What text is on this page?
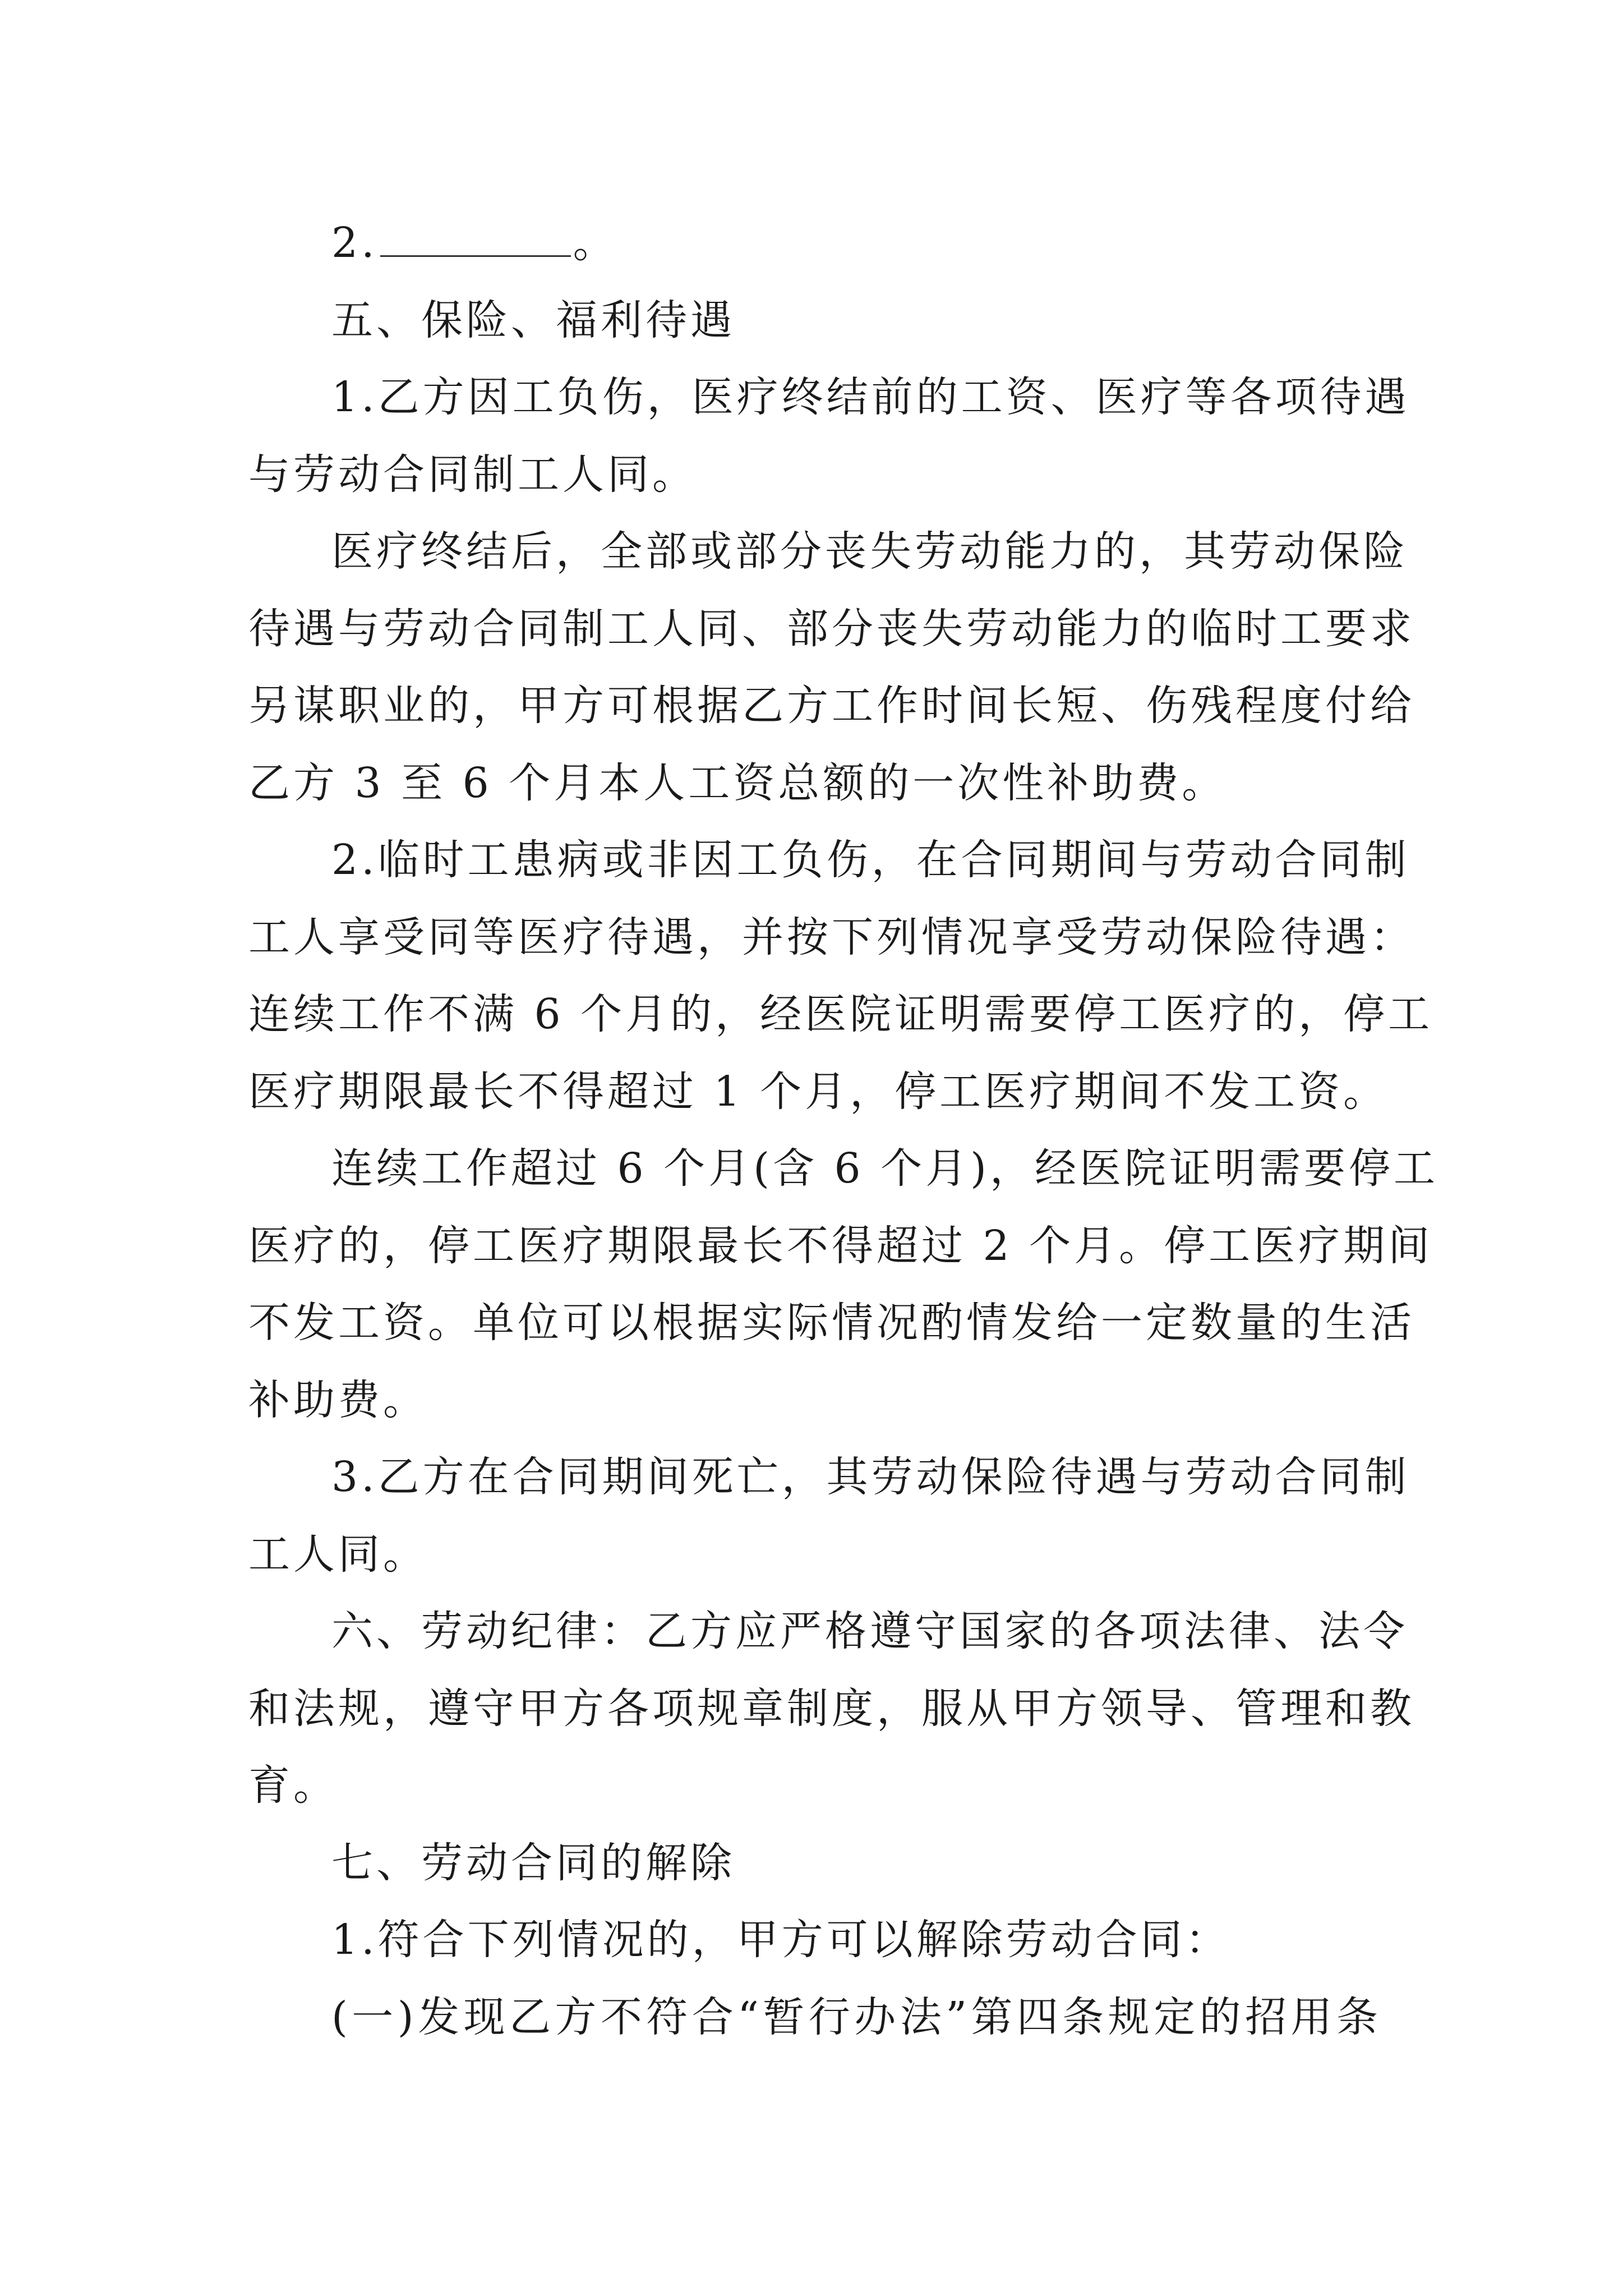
2.	。
五、保险、福利待遇
1.乙方因工负伤，医疗终结前的工资、医疗等各项待遇
与劳动合同制工人同。
医疗终结后，全部或部分丧失劳动能力的，其劳动保险
待遇与劳动合同制工人同、部分丧失劳动能力的临时工要求
另谋职业的，甲方可根据乙方工作时间长短、伤残程度付给
乙方 3 至 6 个月本人工资总额的一次性补助费。
2.临时工患病或非因工负伤，在合同期间与劳动合同制
工人享受同等医疗待遇，并按下列情况享受劳动保险待遇：
连续工作不满 6 个月的，经医院证明需要停工医疗的，停工
医疗期限最长不得超过 1 个月，停工医疗期间不发工资。
连续工作超过 6 个月(含 6 个月)，经医院证明需要停工
医疗的，停工医疗期限最长不得超过 2 个月。停工医疗期间
不发工资。单位可以根据实际情况酌情发给一定数量的生活
补助费。
3.乙方在合同期间死亡，其劳动保险待遇与劳动合同制
工人同。
六、劳动纪律：乙方应严格遵守国家的各项法律、法令
和法规，遵守甲方各项规章制度，服从甲方领导、管理和教
育。
七、劳动合同的解除
1.符合下列情况的，甲方可以解除劳动合同：
(一)发现乙方不符合“暂行办法”第四条规定的招用条
